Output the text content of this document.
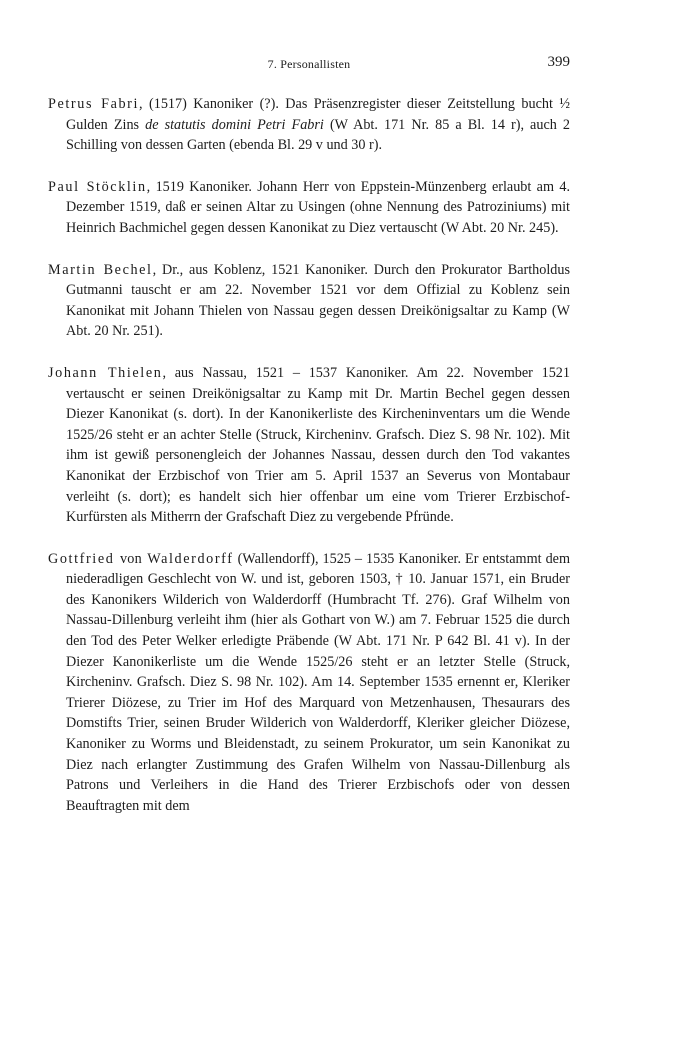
7. Personallisten	399

Petrus Fabri, (1517) Kanoniker (?). Das Präsenzregister dieser Zeitstellung bucht ½ Gulden Zins de statutis domini Petri Fabri (W Abt. 171 Nr. 85 a Bl. 14 r), auch 2 Schilling von dessen Garten (ebenda Bl. 29 v und 30 r).

Paul Stöcklin, 1519 Kanoniker. Johann Herr von Eppstein-Münzenberg erlaubt am 4. Dezember 1519, daß er seinen Altar zu Usingen (ohne Nennung des Patroziniums) mit Heinrich Bachmichel gegen dessen Kanonikat zu Diez vertauscht (W Abt. 20 Nr. 245).

Martin Bechel, Dr., aus Koblenz, 1521 Kanoniker. Durch den Prokurator Bartholdus Gutmanni tauscht er am 22. November 1521 vor dem Offizial zu Koblenz sein Kanonikat mit Johann Thielen von Nassau gegen dessen Dreikönigsaltar zu Kamp (W Abt. 20 Nr. 251).

Johann Thielen, aus Nassau, 1521 – 1537 Kanoniker. Am 22. November 1521 vertauscht er seinen Dreikönigsaltar zu Kamp mit Dr. Martin Bechel gegen dessen Diezer Kanonikat (s. dort). In der Kanonikerliste des Kircheninventars um die Wende 1525/26 steht er an achter Stelle (Struck, Kircheninv. Grafsch. Diez S. 98 Nr. 102). Mit ihm ist gewiß personengleich der Johannes Nassau, dessen durch den Tod vakantes Kanonikat der Erzbischof von Trier am 5. April 1537 an Severus von Montabaur verleiht (s. dort); es handelt sich hier offenbar um eine vom Trierer Erzbischof-Kurfürsten als Mitherrn der Grafschaft Diez zu vergebende Pfründe.

Gottfried von Walderdorff (Wallendorff), 1525 – 1535 Kanoniker. Er entstammt dem niederadligen Geschlecht von W. und ist, geboren 1503, † 10. Januar 1571, ein Bruder des Kanonikers Wilderich von Walderdorff (Humbracht Tf. 276). Graf Wilhelm von Nassau-Dillenburg verleiht ihm (hier als Gothart von W.) am 7. Februar 1525 die durch den Tod des Peter Welker erledigte Präbende (W Abt. 171 Nr. P 642 Bl. 41 v). In der Diezer Kanonikerliste um die Wende 1525/26 steht er an letzter Stelle (Struck, Kircheninv. Grafsch. Diez S. 98 Nr. 102). Am 14. September 1535 ernennt er, Kleriker Trierer Diözese, zu Trier im Hof des Marquard von Metzenhausen, Thesaurars des Domstifts Trier, seinen Bruder Wilderich von Walderdorff, Kleriker gleicher Diözese, Kanoniker zu Worms und Bleidenstadt, zu seinem Prokurator, um sein Kanonikat zu Diez nach erlangter Zustimmung des Grafen Wilhelm von Nassau-Dillenburg als Patrons und Verleihers in die Hand des Trierer Erzbischofs oder von dessen Beauftragten mit dem
